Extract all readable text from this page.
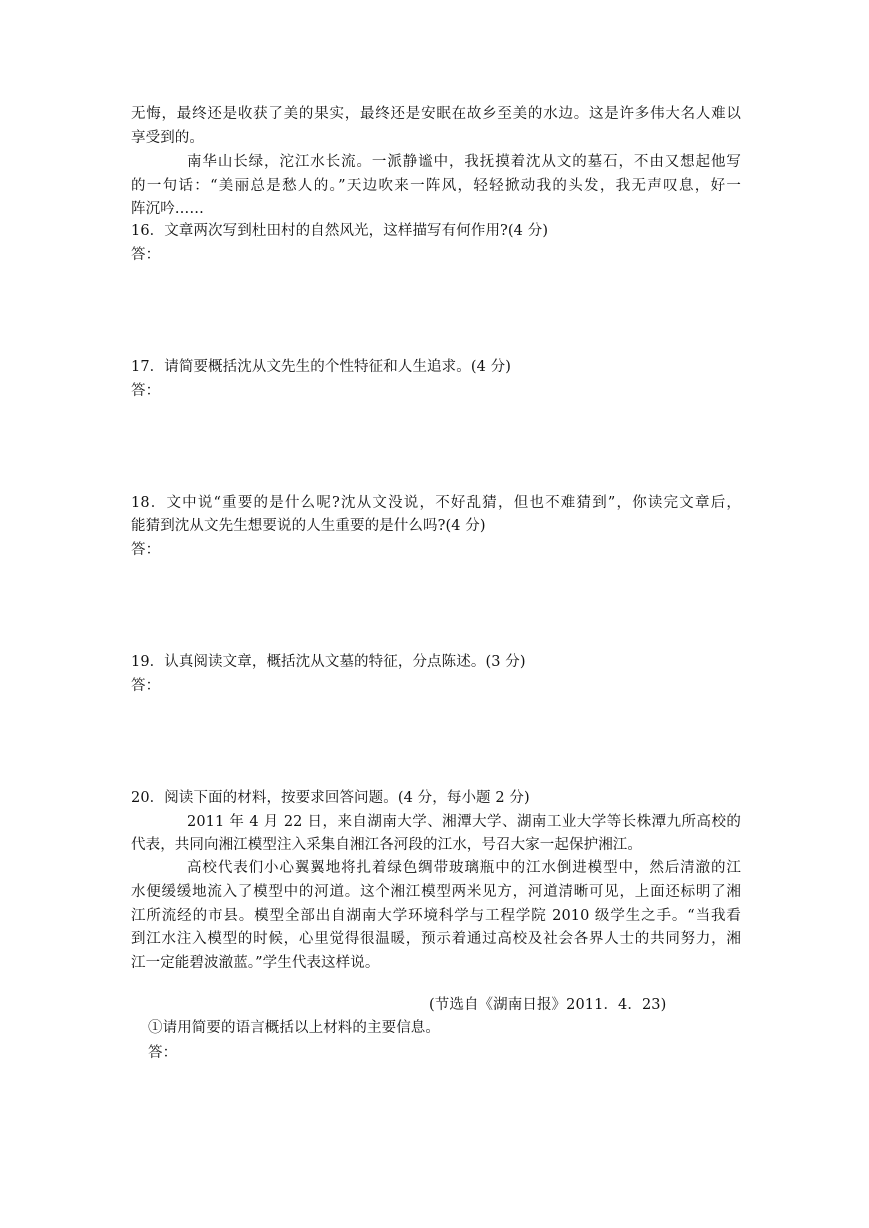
无悔，最终还是收获了美的果实，最终还是安眠在故乡至美的水边。这是许多伟大名人难以
享受到的。
南华山长绿，沱江水长流。一派静谧中，我抚摸着沈从文的墓石，不由又想起他写
的一句话：“美丽总是愁人的。”天边吹来一阵风，轻轻掀动我的头发，我无声叹息，好一
阵沉吟……
16．文章两次写到杜田村的自然风光，这样描写有何作用?(4 分)
答：
17．请简要概括沈从文先生的个性特征和人生追求。(4 分)
答：
18．文中说“重要的是什么呢?沈从文没说，不好乱猜，但也不难猜到”，你读完文章后，
能猜到沈从文先生想要说的人生重要的是什么吗?(4 分)
答：
19．认真阅读文章，概括沈从文墓的特征，分点陈述。(3 分)
答：
20．阅读下面的材料，按要求回答问题。(4 分，每小题 2 分)
2011 年 4 月 22 日，来自湖南大学、湘潭大学、湖南工业大学等长株潭九所高校的
代表，共同向湘江模型注入采集自湘江各河段的江水，号召大家一起保护湘江。
高校代表们小心翼翼地将扎着绿色绸带玻璃瓶中的江水倒进模型中，然后清澈的江
水便缓缓地流入了模型中的河道。这个湘江模型两米见方，河道清晰可见，上面还标明了湘
江所流经的市县。模型全部出自湖南大学环境科学与工程学院 2010 级学生之手。“当我看
到江水注入模型的时候，心里觉得很温暖，预示着通过高校及社会各界人士的共同努力，湘
江一定能碧波澈蓝。”学生代表这样说。
(节选自《湖南日报》2011．4．23)
①请用简要的语言概括以上材料的主要信息。
答：
